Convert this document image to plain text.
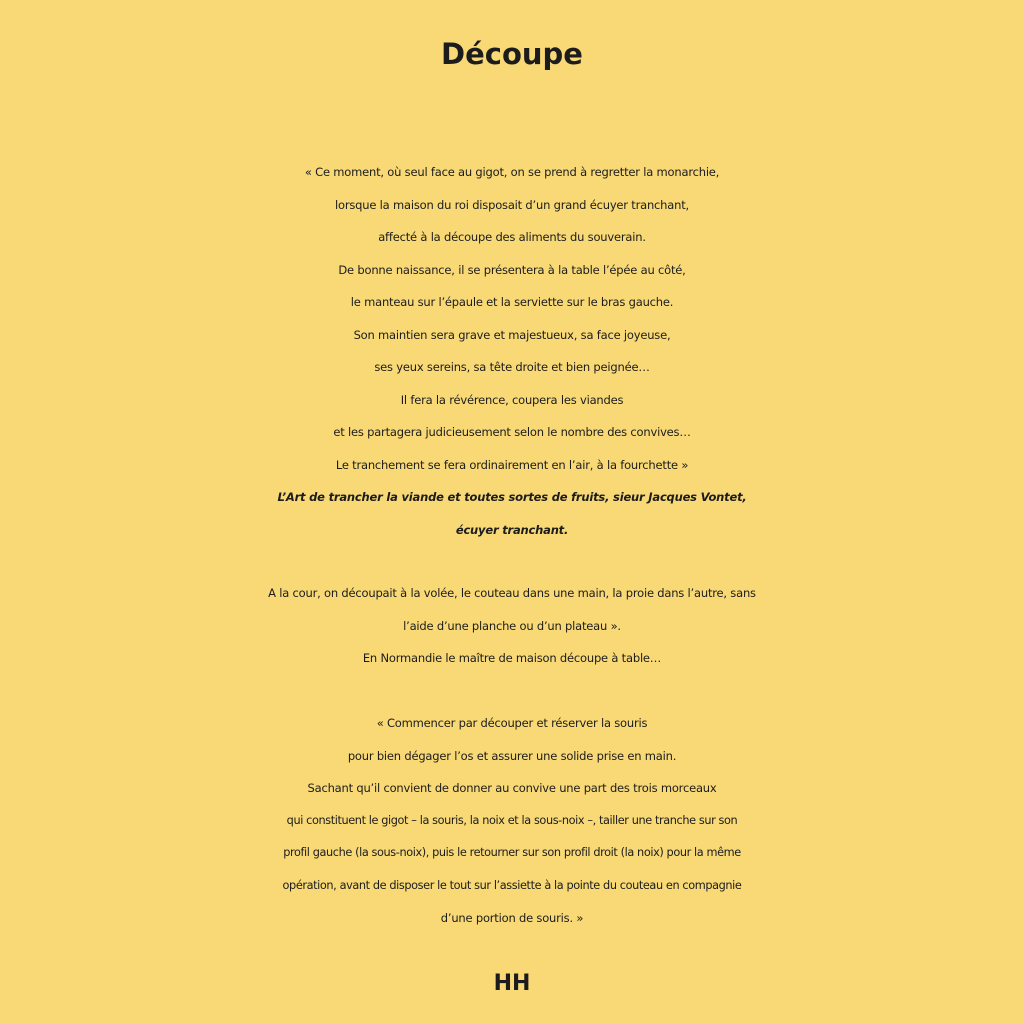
Découpe
« Ce moment, où seul face au gigot, on se prend à regretter la monarchie,
lorsque la maison du roi disposait d’un grand écuyer tranchant,
affecté à la découpe des aliments du souverain.
De bonne naissance, il se présentera à la table l’épée au côté,
le manteau sur l’épaule et la serviette sur le bras gauche.
Son maintien sera grave et majestueux, sa face joyeuse,
ses yeux sereins, sa tête droite et bien peignée…
Il fera la révérence, coupera les viandes
et les partagera judicieusement selon le nombre des convives…
Le tranchement se fera ordinairement en l’air, à la fourchette »
L’Art de trancher la viande et toutes sortes de fruits, sieur Jacques Vontet,
écuyer tranchant.
A la cour, on découpait à la volée, le couteau dans une main, la proie dans l’autre, sans
l’aide d’une planche ou d’un plateau ».
En Normandie le maître de maison découpe à table…
« Commencer par découper et réserver la souris
pour bien dégager l’os et assurer une solide prise en main.
Sachant qu’il convient de donner au convive une part des trois morceaux
qui constituent le gigot – la souris, la noix et la sous-noix –, tailler une tranche sur son
profil gauche (la sous-noix), puis le retourner sur son profil droit (la noix) pour la même
opération, avant de disposer le tout sur l’assiette à la pointe du couteau en compagnie
d’une portion de souris. »

HH
